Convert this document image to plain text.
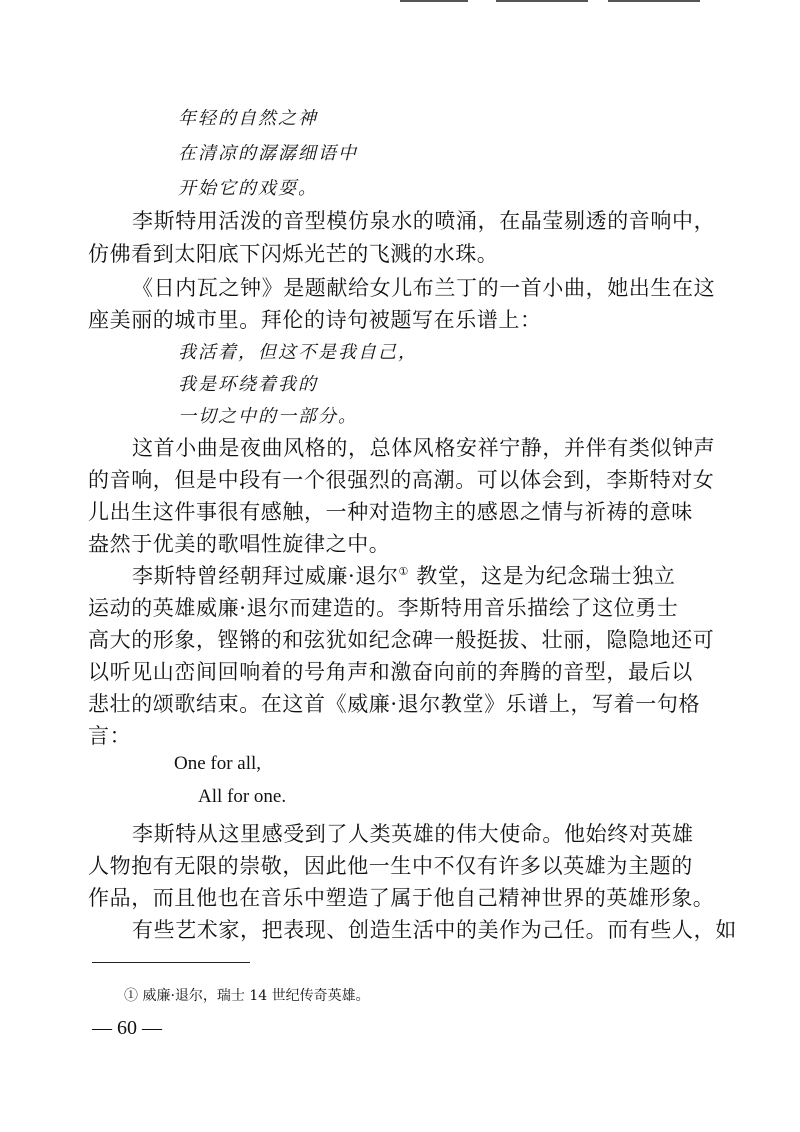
年轻的自然之神
在清凉的潺潺细语中
开始它的戏耍。
李斯特用活泼的音型模仿泉水的喷涌，在晶莹剔透的音响中，
仿佛看到太阳底下闪烁光芒的飞溅的水珠。
《日内瓦之钟》是题献给女儿布兰丁的一首小曲，她出生在这
座美丽的城市里。拜伦的诗句被题写在乐谱上：
我活着，但这不是我自己，
我是环绕着我的
一切之中的一部分。
这首小曲是夜曲风格的，总体风格安祥宁静，并伴有类似钟声
的音响，但是中段有一个很强烈的高潮。可以体会到，李斯特对女
儿出生这件事很有感触，一种对造物主的感恩之情与祈祷的意味
盎然于优美的歌唱性旋律之中。
李斯特曾经朝拜过威廉·退尔① 教堂，这是为纪念瑞士独立
运动的英雄威廉·退尔而建造的。李斯特用音乐描绘了这位勇士
高大的形象，铿锵的和弦犹如纪念碑一般挺拔、壮丽，隐隐地还可
以听见山峦间回响着的号角声和激奋向前的奔腾的音型，最后以
悲壮的颂歌结束。在这首《威廉·退尔教堂》乐谱上，写着一句格
言：
One for all,
All for one.
李斯特从这里感受到了人类英雄的伟大使命。他始终对英雄
人物抱有无限的崇敬，因此他一生中不仅有许多以英雄为主题的
作品，而且他也在音乐中塑造了属于他自己精神世界的英雄形象。
有些艺术家，把表现、创造生活中的美作为己任。而有些人，如
① 威廉·退尔，瑞士 14 世纪传奇英雄。
— 60 —
